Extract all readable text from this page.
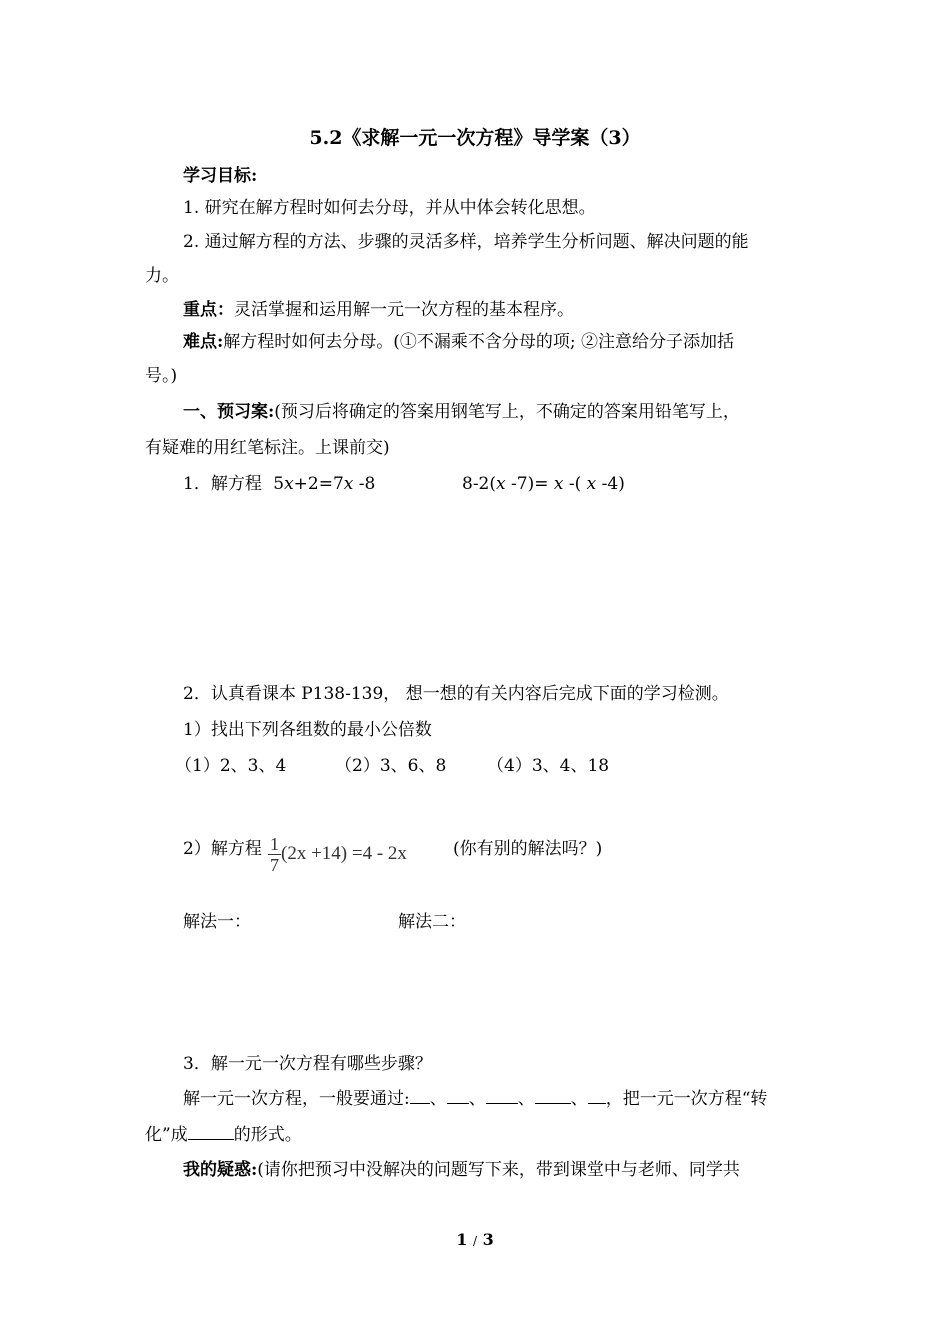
5.2《求解一元一次方程》导学案（3）
学习目标:
1. 研究在解方程时如何去分母，并从中体会转化思想。
2. 通过解方程的方法、步骤的灵活多样，培养学生分析问题、解决问题的能
力。
重点：灵活掌握和运用解一元一次方程的基本程序。
难点:解方程时如何去分母。(①不漏乘不含分母的项; ②注意给分子添加括
号。)
一、预习案:(预习后将确定的答案用钢笔写上，不确定的答案用铅笔写上，
有疑难的用红笔标注。上课前交)
1．解方程 5x+2=7x -8	8-2(x -7)= x -( x -4)
2．认真看课本 P138-139， 想一想的有关内容后完成下面的学习检测。
1）找出下列各组数的最小公倍数
（1）2、3、4	（2）3、6、8 （4）3、4、18
2）解方程 $\frac{1}{7} (2x +14) =4 - 2x$	(你有别的解法吗？)
解法一：	解法二：
3．解一元一次方程有哪些步骤？
解一元一次方程，一般要通过: 、 、 、 、 ，把一元一次方程“转
化”成	的形式。
我的疑惑:(请你把预习中没解决的问题写下来，带到课堂中与老师、同学共
1 / 3
